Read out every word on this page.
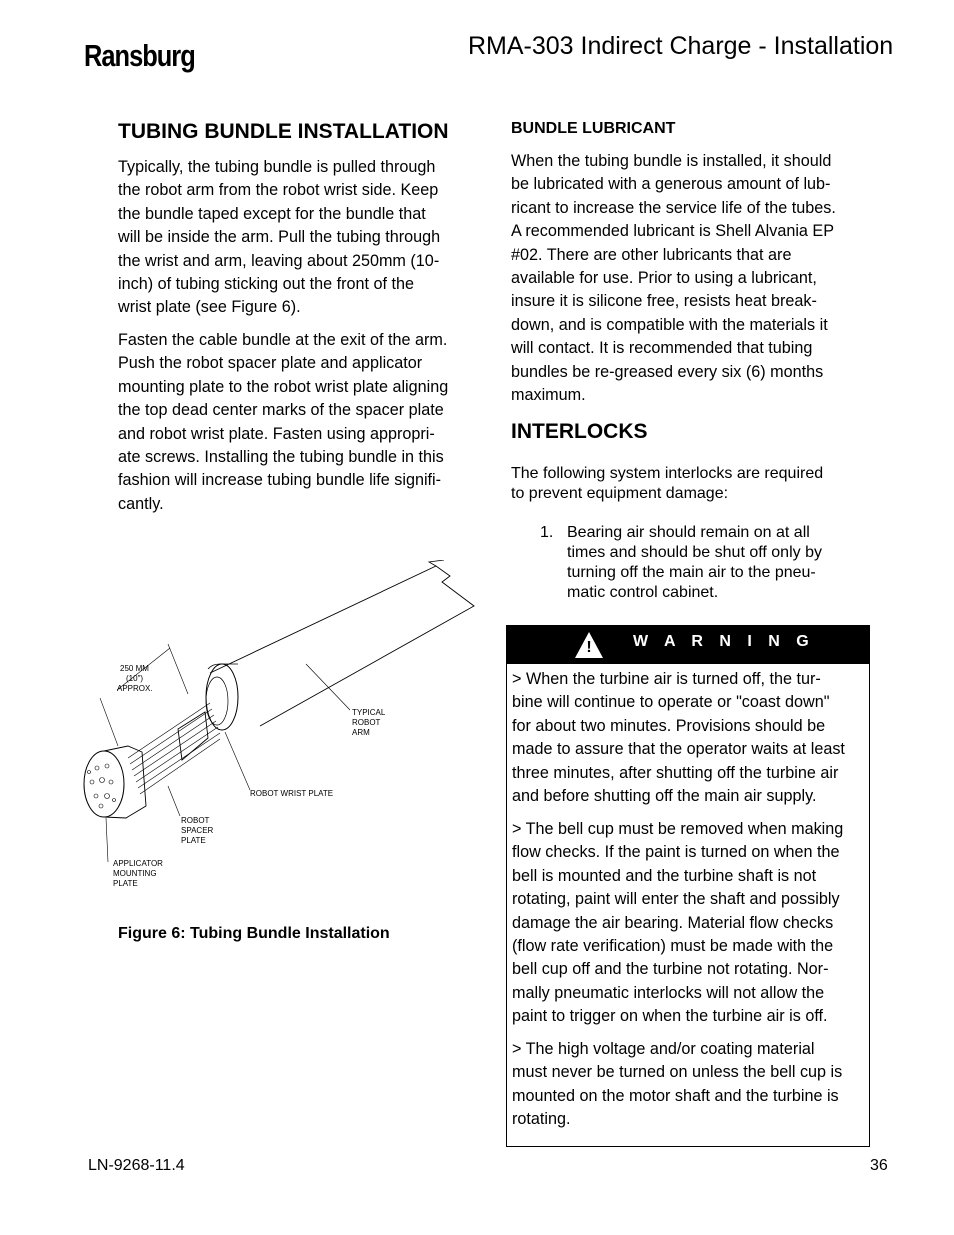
Ransburg	RMA-303 Indirect Charge - Installation
TUBING BUNDLE INSTALLATION
Typically, the tubing bundle is pulled through
the robot arm from the robot wrist side. Keep
the bundle taped except for the bundle that
will be inside the arm. Pull the tubing through
the wrist and arm, leaving about 250mm (10-
inch) of tubing sticking out the front of the
wrist plate (see Figure 6).
Fasten the cable bundle at the exit of the arm.
Push the robot spacer plate and applicator
mounting plate to the robot wrist plate aligning
the top dead center marks of the spacer plate
and robot wrist plate. Fasten using appropri-
ate screws. Installing the tubing bundle in this
fashion will increase tubing bundle life signifi-
cantly.
250 MM
(10")
APPROX.
TYPICAL
ROBOT
ARM
ROBOT WRIST PLATE
ROBOT
SPACER
PLATE
APPLICATOR
MOUNTING
PLATE
Figure 6: Tubing Bundle Installation
BUNDLE LUBRICANT
When the tubing bundle is installed, it should
be lubricated with a generous amount of lub-
ricant to increase the service life of the tubes.
A recommended lubricant is Shell Alvania EP
#02. There are other lubricants that are
available for use. Prior to using a lubricant,
insure it is silicone free, resists heat break-
down, and is compatible with the materials it
will contact. It is recommended that tubing
bundles be re-greased every six (6) months
maximum.
INTERLOCKS
The following system interlocks are required
to prevent equipment damage:
1. Bearing air should remain on at all
times and should be shut off only by
turning off the main air to the pneu-
matic control cabinet.
!	W A R N I N G
> When the turbine air is turned off, the tur-
bine will continue to operate or "coast down"
for about two minutes. Provisions should be
made to assure that the operator waits at least
three minutes, after shutting off the turbine air
and before shutting off the main air supply.
> The bell cup must be removed when making
flow checks. If the paint is turned on when the
bell is mounted and the turbine shaft is not
rotating, paint will enter the shaft and possibly
damage the air bearing. Material flow checks
(flow rate verification) must be made with the
bell cup off and the turbine not rotating. Nor-
mally pneumatic interlocks will not allow the
paint to trigger on when the turbine air is off.
> The high voltage and/or coating material
must never be turned on unless the bell cup is
mounted on the motor shaft and the turbine is
rotating.
LN-9268-11.4	36
